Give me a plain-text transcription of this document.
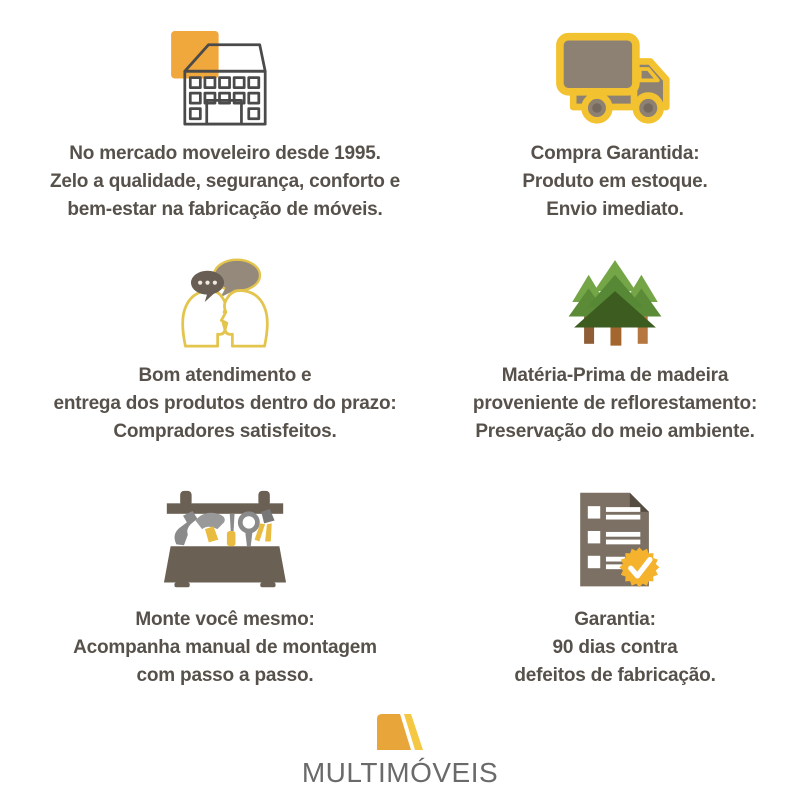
No mercado moveleiro desde 1995.
Zelo a qualidade, segurança, conforto e
bem-estar na fabricação de móveis.
Compra Garantida:
Produto em estoque.
Envio imediato.
Bom atendimento e
entrega dos produtos dentro do prazo:
Compradores satisfeitos.
Matéria-Prima de madeira
proveniente de reflorestamento:
Preservação do meio ambiente.
Monte você mesmo:
Acompanha manual de montagem
com passo a passo.
Garantia:
90 dias contra
defeitos de fabricação.
MULTIMÓVEIS
